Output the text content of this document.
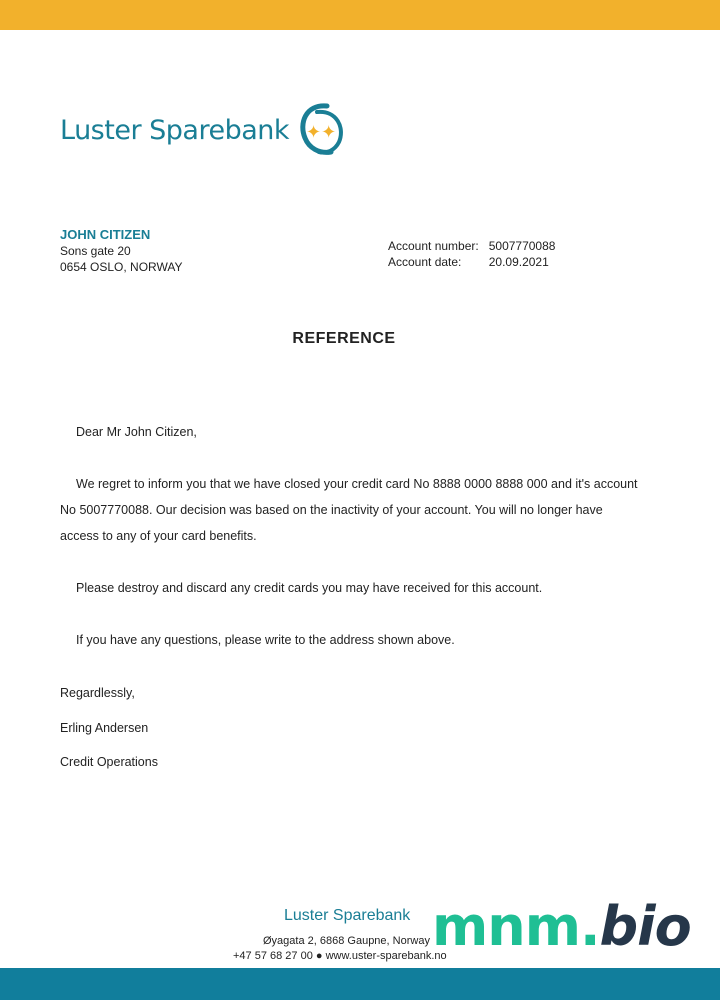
Luster Sparebank ✦✦
JOHN CITIZEN
Sons gate 20
0654 OSLO, NORWAY
Account number:	5007770088
Account date:	20.09.2021
REFERENCE
Dear Mr John Citizen,
We regret to inform you that we have closed your credit card No 8888 0000 8888 000 and it's account No 5007770088. Our decision was based on the inactivity of your account. You will no longer have access to any of your card benefits.
Please destroy and discard any credit cards you may have received for this account.
If you have any questions, please write to the address shown above.
Regardlessly,
Erling Andersen
Credit Operations
Luster Sparebank
Øyagata 2, 6868 Gaupne, Norway
+47 57 68 27 00 ● www.uster-sparebank.no
mnm.bio
